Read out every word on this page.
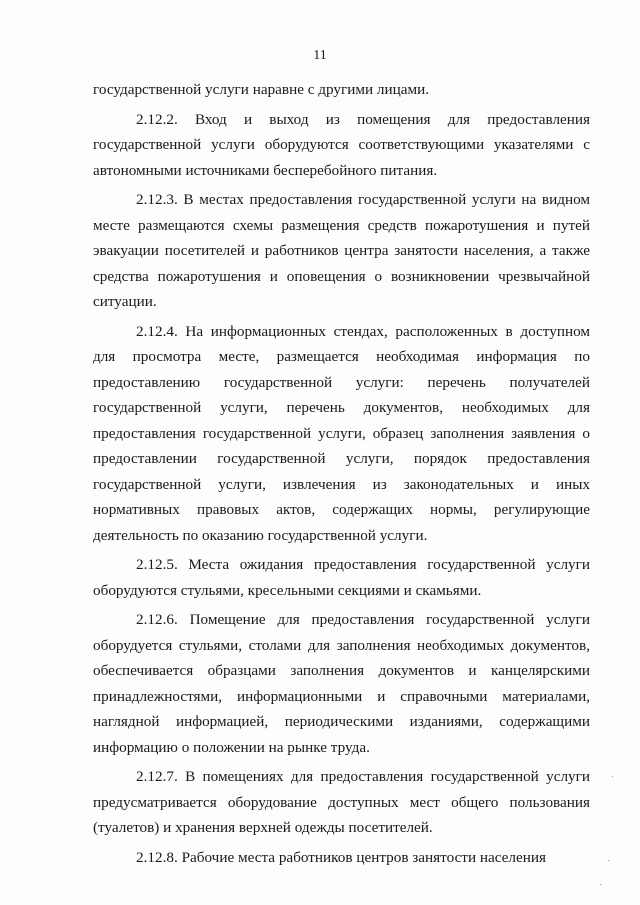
11

государственной услуги наравне с другими лицами.

2.12.2. Вход и выход из помещения для предоставления государственной услуги оборудуются соответствующими указателями с автономными источниками бесперебойного питания.

2.12.3. В местах предоставления государственной услуги на видном месте размещаются схемы размещения средств пожаротушения и путей эвакуации посетителей и работников центра занятости населения, а также средства пожаротушения и оповещения о возникновении чрезвычайной ситуации.

2.12.4. На информационных стендах, расположенных в доступном для просмотра месте, размещается необходимая информация по предоставлению государственной услуги: перечень получателей государственной услуги, перечень документов, необходимых для предоставления государственной услуги, образец заполнения заявления о предоставлении государственной услуги, порядок предоставления государственной услуги, извлечения из законодательных и иных нормативных правовых актов, содержащих нормы, регулирующие деятельность по оказанию государственной услуги.

2.12.5. Места ожидания предоставления государственной услуги оборудуются стульями, кресельными секциями и скамьями.

2.12.6. Помещение для предоставления государственной услуги оборудуется стульями, столами для заполнения необходимых документов, обеспечивается образцами заполнения документов и канцелярскими принадлежностями, информационными и справочными материалами, наглядной информацией, периодическими изданиями, содержащими информацию о положении на рынке труда.

2.12.7. В помещениях для предоставления государственной услуги предусматривается оборудование доступных мест общего пользования (туалетов) и хранения верхней одежды посетителей.

2.12.8. Рабочие места работников центров занятости населения
